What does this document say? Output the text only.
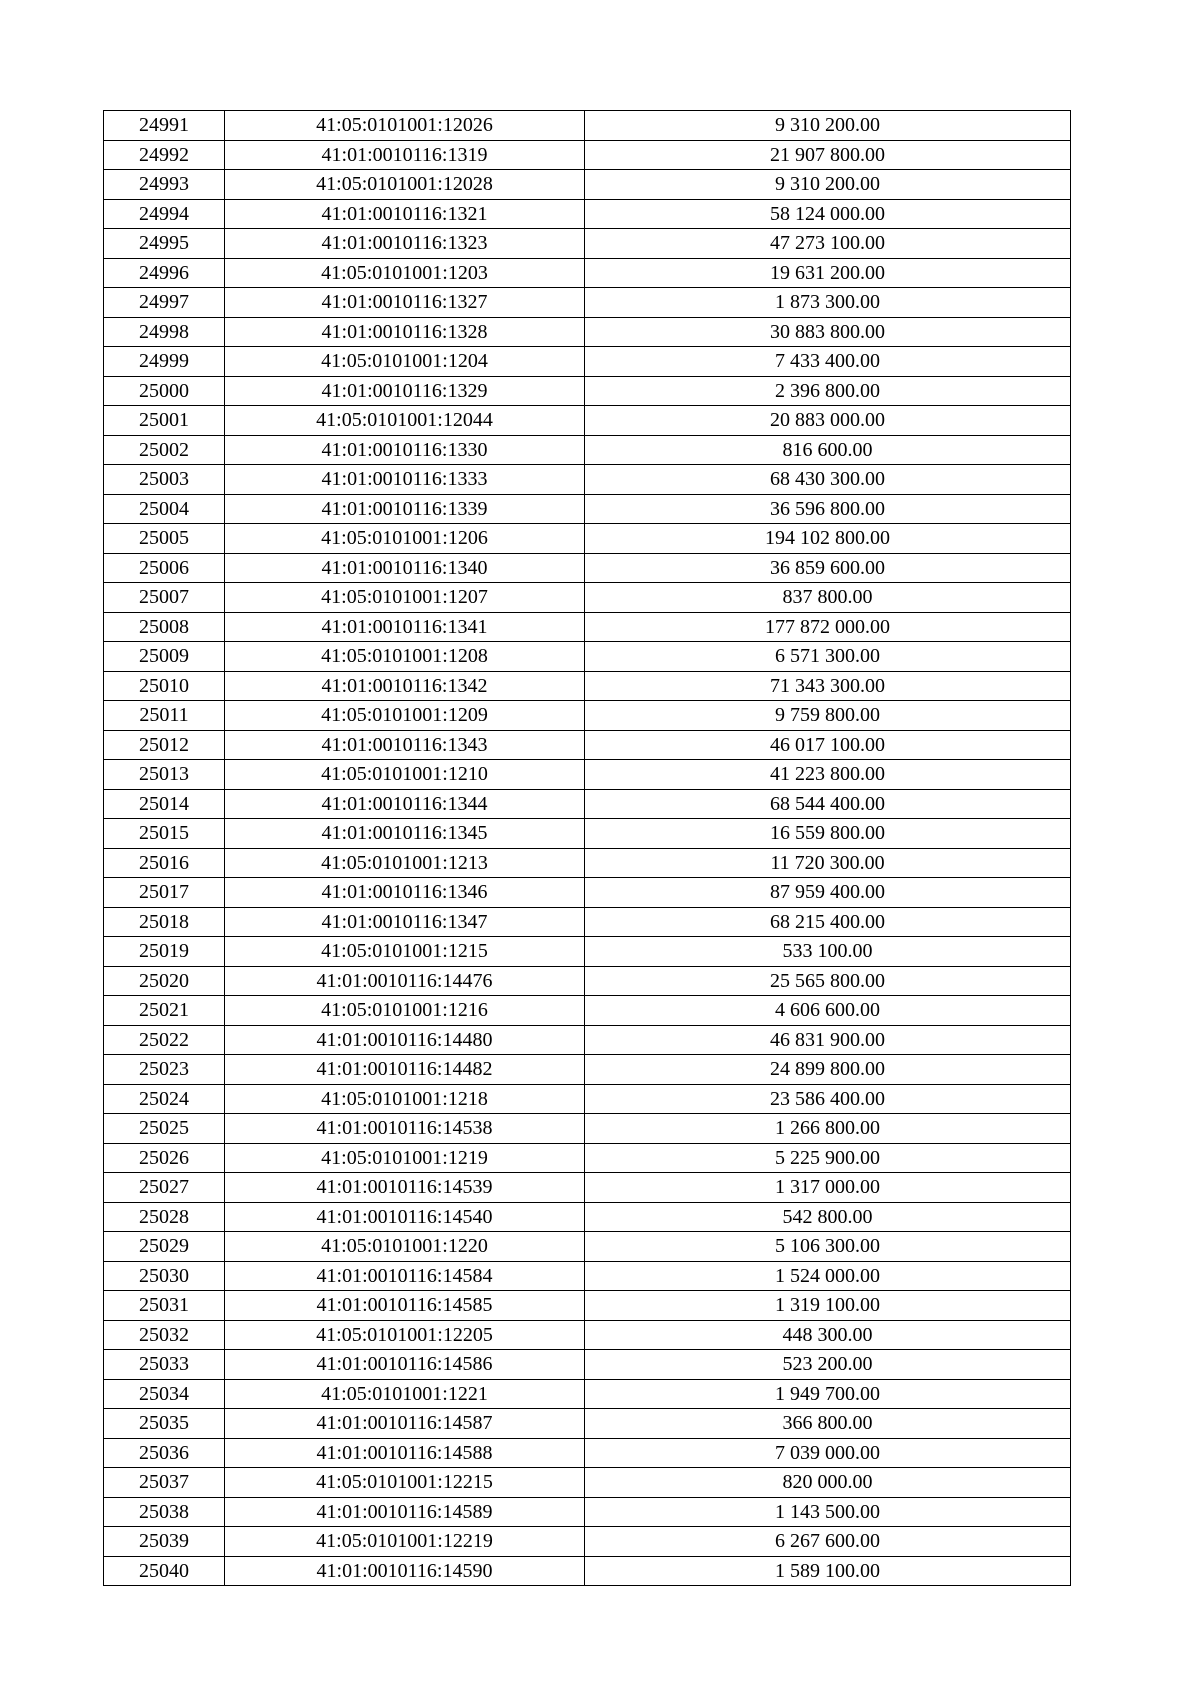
24991	41:05:0101001:12026	9 310 200.00
24992	41:01:0010116:1319	21 907 800.00
24993	41:05:0101001:12028	9 310 200.00
24994	41:01:0010116:1321	58 124 000.00
24995	41:01:0010116:1323	47 273 100.00
24996	41:05:0101001:1203	19 631 200.00
24997	41:01:0010116:1327	1 873 300.00
24998	41:01:0010116:1328	30 883 800.00
24999	41:05:0101001:1204	7 433 400.00
25000	41:01:0010116:1329	2 396 800.00
25001	41:05:0101001:12044	20 883 000.00
25002	41:01:0010116:1330	816 600.00
25003	41:01:0010116:1333	68 430 300.00
25004	41:01:0010116:1339	36 596 800.00
25005	41:05:0101001:1206	194 102 800.00
25006	41:01:0010116:1340	36 859 600.00
25007	41:05:0101001:1207	837 800.00
25008	41:01:0010116:1341	177 872 000.00
25009	41:05:0101001:1208	6 571 300.00
25010	41:01:0010116:1342	71 343 300.00
25011	41:05:0101001:1209	9 759 800.00
25012	41:01:0010116:1343	46 017 100.00
25013	41:05:0101001:1210	41 223 800.00
25014	41:01:0010116:1344	68 544 400.00
25015	41:01:0010116:1345	16 559 800.00
25016	41:05:0101001:1213	11 720 300.00
25017	41:01:0010116:1346	87 959 400.00
25018	41:01:0010116:1347	68 215 400.00
25019	41:05:0101001:1215	533 100.00
25020	41:01:0010116:14476	25 565 800.00
25021	41:05:0101001:1216	4 606 600.00
25022	41:01:0010116:14480	46 831 900.00
25023	41:01:0010116:14482	24 899 800.00
25024	41:05:0101001:1218	23 586 400.00
25025	41:01:0010116:14538	1 266 800.00
25026	41:05:0101001:1219	5 225 900.00
25027	41:01:0010116:14539	1 317 000.00
25028	41:01:0010116:14540	542 800.00
25029	41:05:0101001:1220	5 106 300.00
25030	41:01:0010116:14584	1 524 000.00
25031	41:01:0010116:14585	1 319 100.00
25032	41:05:0101001:12205	448 300.00
25033	41:01:0010116:14586	523 200.00
25034	41:05:0101001:1221	1 949 700.00
25035	41:01:0010116:14587	366 800.00
25036	41:01:0010116:14588	7 039 000.00
25037	41:05:0101001:12215	820 000.00
25038	41:01:0010116:14589	1 143 500.00
25039	41:05:0101001:12219	6 267 600.00
25040	41:01:0010116:14590	1 589 100.00
